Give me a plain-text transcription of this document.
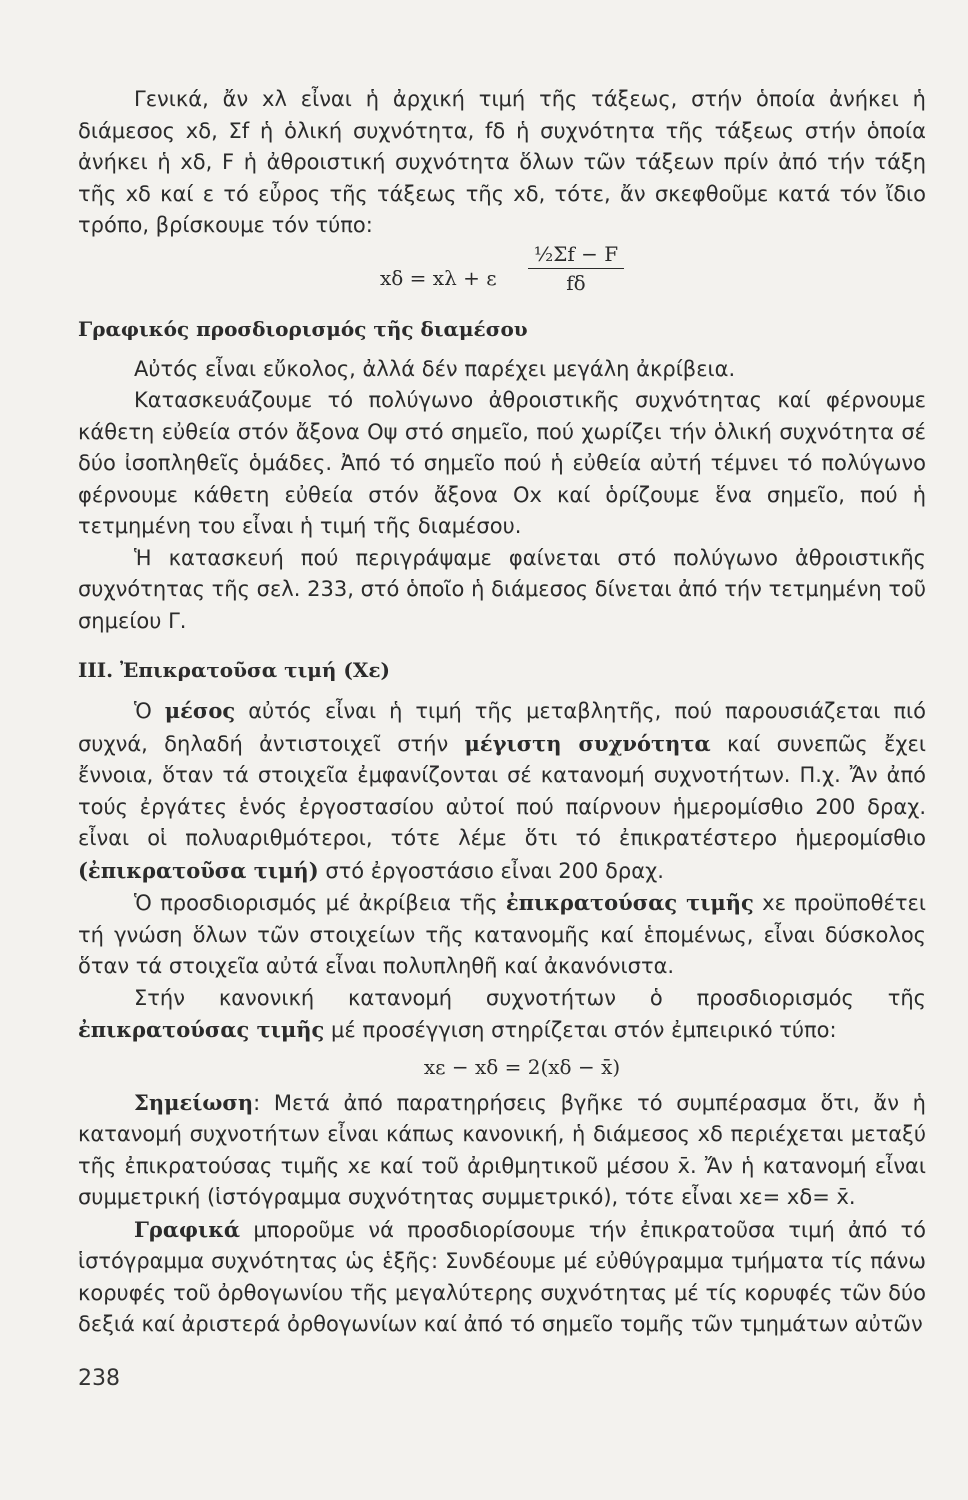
Γενικά, ἄν xλ εἶναι ἡ ἀρχική τιμή τῆς τάξεως, στήν ὁποία ἀνήκει ἡ διάμεσος xδ, Σf ἡ ὁλική συχνότητα, fδ ἡ συχνότητα τῆς τάξεως στήν ὁποία ἀνήκει ἡ xδ, F ἡ ἀθροιστική συχνότητα ὅλων τῶν τάξεων πρίν ἀπό τήν τάξη τῆς xδ καί ε τό εὖρος τῆς τάξεως τῆς xδ, τότε, ἄν σκεφθοῦμε κατά τόν ἴδιο τρόπο, βρίσκουμε τόν τύπο:

xδ = xλ + ε $\frac{\text{½Σf − F}}{f\delta}$
Γραφικός προσδιορισμός τῆς διαμέσου

Αὐτός εἶναι εὔκολος, ἀλλά δέν παρέχει μεγάλη ἀκρίβεια.

Κατασκευάζουμε τό πολύγωνο ἀθροιστικῆς συχνότητας καί φέρνουμε κάθετη εὐθεία στόν ἄξονα Οψ στό σημεῖο, πού χωρίζει τήν ὁλική συχνότητα σέ δύο ἰσοπληθεῖς ὁμάδες. Ἀπό τό σημεῖο πού ἡ εὐθεία αὐτή τέμνει τό πολύγωνο φέρνουμε κάθετη εὐθεία στόν ἄξονα Οx καί ὁρίζουμε ἕνα σημεῖο, πού ἡ τετμημένη του εἶναι ἡ τιμή τῆς διαμέσου.

Ἡ κατασκευή πού περιγράψαμε φαίνεται στό πολύγωνο ἀθροιστικῆς συχνότητας τῆς σελ. 233, στό ὁποῖο ἡ διάμεσος δίνεται ἀπό τήν τετμημένη τοῦ σημείου Γ.

III. Ἐπικρατοῦσα τιμή (Xε)

Ὁ μέσος αὐτός εἶναι ἡ τιμή τῆς μεταβλητῆς, πού παρουσιάζεται πιό συχνά, δηλαδή ἀντιστοιχεῖ στήν μέγιστη συχνότητα καί συνεπῶς ἔχει ἔννοια, ὅταν τά στοιχεῖα ἐμφανίζονται σέ κατανομή συχνοτήτων. Π.χ. Ἄν ἀπό τούς ἐργάτες ἑνός ἐργοστασίου αὐτοί πού παίρνουν ἡμερομίσθιο 200 δραχ. εἶναι οἱ πολυαριθμότεροι, τότε λέμε ὅτι τό ἐπικρατέστερο ἡμερομίσθιο (ἐπικρατοῦσα τιμή) στό ἐργοστάσιο εἶναι 200 δραχ.

Ὁ προσδιορισμός μέ ἀκρίβεια τῆς ἐπικρατούσας τιμῆς xε προϋποθέτει τή γνώση ὅλων τῶν στοιχείων τῆς κατανομῆς καί ἑπομένως, εἶναι δύσκολος ὅταν τά στοιχεῖα αὐτά εἶναι πολυπληθῆ καί ἀκανόνιστα.

Στήν κανονική κατανομή συχνοτήτων ὁ προσδιορισμός τῆς ἐπικρατούσας τιμῆς μέ προσέγγιση στηρίζεται στόν ἐμπειρικό τύπο:

xε − xδ = 2(xδ − x̄)

Σημείωση: Μετά ἀπό παρατηρήσεις βγῆκε τό συμπέρασμα ὅτι, ἄν ἡ κατανομή συχνοτήτων εἶναι κάπως κανονική, ἡ διάμεσος xδ περιέχεται μεταξύ τῆς ἐπικρατούσας τιμῆς xε καί τοῦ ἀριθμητικοῦ μέσου x̄. Ἄν ἡ κατανομή εἶναι συμμετρική (ἱστόγραμμα συχνότητας συμμετρικό), τότε εἶναι xε= xδ= x̄.

Γραφικά μποροῦμε νά προσδιορίσουμε τήν ἐπικρατοῦσα τιμή ἀπό τό ἱστόγραμμα συχνότητας ὡς ἑξῆς: Συνδέουμε μέ εὐθύγραμμα τμήματα τίς πάνω κορυφές τοῦ ὀρθογωνίου τῆς μεγαλύτερης συχνότητας μέ τίς κορυφές τῶν δύο δεξιά καί ἀριστερά ὀρθογωνίων καί ἀπό τό σημεῖο τομῆς τῶν τμημάτων αὐτῶν

238
